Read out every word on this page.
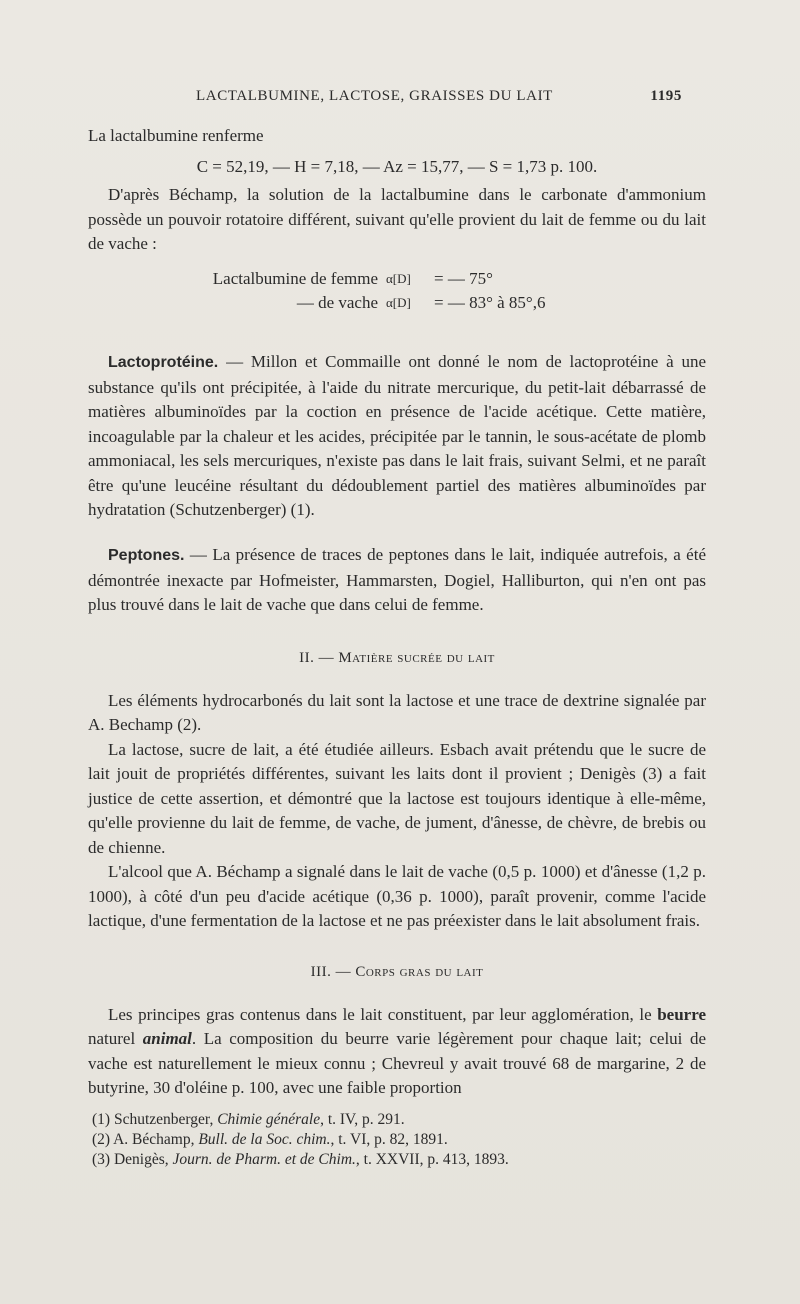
LACTALBUMINE, LACTOSE, GRAISSES DU LAIT	1195

La lactalbumine renferme

C = 52,19, — H = 7,18, — Az = 15,77, — S = 1,73 p. 100.

D'après Béchamp, la solution de la lactalbumine dans le carbonate d'ammonium possède un pouvoir rotatoire différent, suivant qu'elle provient du lait de femme ou du lait de vache :

Lactalbumine de femme α[D]	= — 75°
— de vache α[D]	= — 83° à 85°,6

Lactoprotéine. — Millon et Commaille ont donné le nom de lactoprotéine à une substance qu'ils ont précipitée, à l'aide du nitrate mercurique, du petit-lait débarrassé de matières albuminoïdes par la coction en présence de l'acide acétique. Cette matière, incoagulable par la chaleur et les acides, précipitée par le tannin, le sous-acétate de plomb ammoniacal, les sels mercuriques, n'existe pas dans le lait frais, suivant Selmi, et ne paraît être qu'une leucéine résultant du dédoublement partiel des matières albuminoïdes par hydratation (Schutzenberger) (1).

Peptones. — La présence de traces de peptones dans le lait, indiquée autrefois, a été démontrée inexacte par Hofmeister, Hammarsten, Dogiel, Halliburton, qui n'en ont pas plus trouvé dans le lait de vache que dans celui de femme.

II. — Matière sucrée du lait

Les éléments hydrocarbonés du lait sont la lactose et une trace de dextrine signalée par A. Bechamp (2).

La lactose, sucre de lait, a été étudiée ailleurs. Esbach avait prétendu que le sucre de lait jouit de propriétés différentes, suivant les laits dont il provient ; Denigès (3) a fait justice de cette assertion, et démontré que la lactose est toujours identique à elle-même, qu'elle provienne du lait de femme, de vache, de jument, d'ânesse, de chèvre, de brebis ou de chienne.

L'alcool que A. Béchamp a signalé dans le lait de vache (0,5 p. 1000) et d'ânesse (1,2 p. 1000), à côté d'un peu d'acide acétique (0,36 p. 1000), paraît provenir, comme l'acide lactique, d'une fermentation de la lactose et ne pas préexister dans le lait absolument frais.

III. — Corps gras du lait

Les principes gras contenus dans le lait constituent, par leur agglomération, le beurre naturel animal. La composition du beurre varie légèrement pour chaque lait; celui de vache est naturellement le mieux connu ; Chevreul y avait trouvé 68 de margarine, 2 de butyrine, 30 d'oléine p. 100, avec une faible proportion

(1) Schutzenberger, Chimie générale, t. IV, p. 291.

(2) A. Béchamp, Bull. de la Soc. chim., t. VI, p. 82, 1891.

(3) Denigès, Journ. de Pharm. et de Chim., t. XXVII, p. 413, 1893.
